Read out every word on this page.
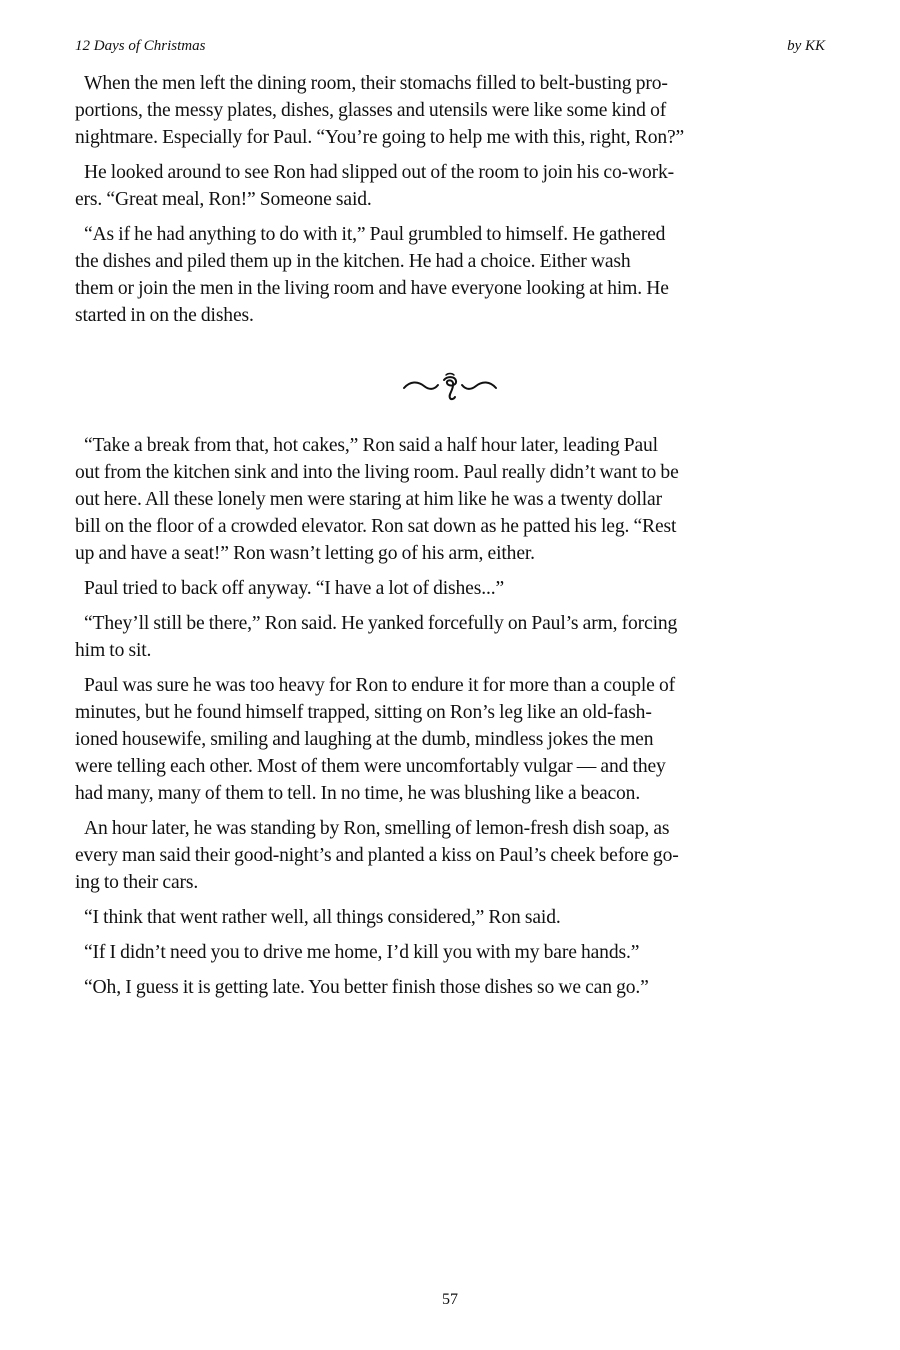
12 Days of Christmas	by KK

When the men left the dining room, their stomachs filled to belt-busting pro-
portions, the messy plates, dishes, glasses and utensils were like some kind of
nightmare. Especially for Paul. “You’re going to help me with this, right, Ron?”

He looked around to see Ron had slipped out of the room to join his co-work-
ers. “Great meal, Ron!” Someone said.

“As if he had anything to do with it,” Paul grumbled to himself. He gathered
the dishes and piled them up in the kitchen. He had a choice. Either wash
them or join the men in the living room and have everyone looking at him. He
started in on the dishes.

“Take a break from that, hot cakes,” Ron said a half hour later, leading Paul
out from the kitchen sink and into the living room. Paul really didn’t want to be
out here. All these lonely men were staring at him like he was a twenty dollar
bill on the floor of a crowded elevator. Ron sat down as he patted his leg. “Rest
up and have a seat!” Ron wasn’t letting go of his arm, either.

Paul tried to back off anyway. “I have a lot of dishes...”

“They’ll still be there,” Ron said. He yanked forcefully on Paul’s arm, forcing
him to sit.

Paul was sure he was too heavy for Ron to endure it for more than a couple of
minutes, but he found himself trapped, sitting on Ron’s leg like an old-fash-
ioned housewife, smiling and laughing at the dumb, mindless jokes the men
were telling each other. Most of them were uncomfortably vulgar — and they
had many, many of them to tell. In no time, he was blushing like a beacon.

An hour later, he was standing by Ron, smelling of lemon-fresh dish soap, as
every man said their good-night’s and planted a kiss on Paul’s cheek before go-
ing to their cars.

“I think that went rather well, all things considered,” Ron said.

“If I didn’t need you to drive me home, I’d kill you with my bare hands.”

“Oh, I guess it is getting late. You better finish those dishes so we can go.”

57
